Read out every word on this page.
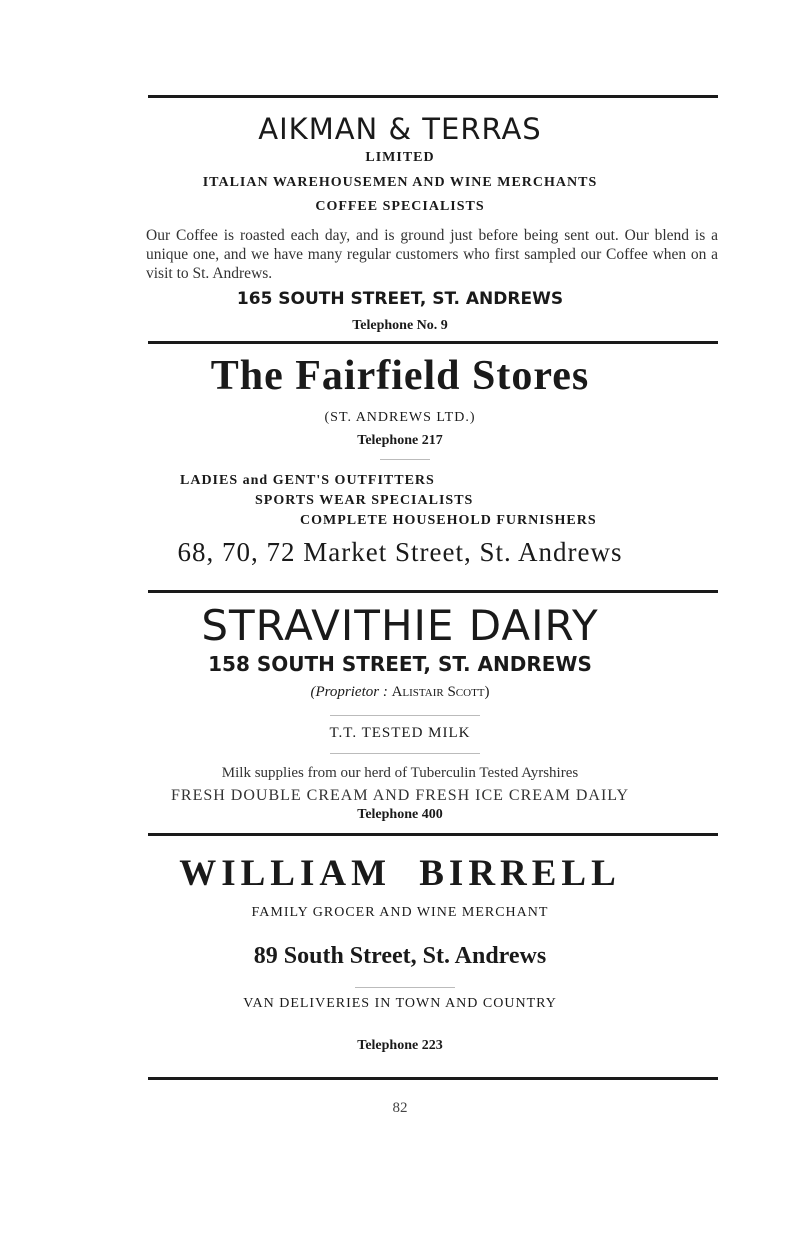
AIKMAN & TERRAS
LIMITED
ITALIAN WAREHOUSEMEN AND WINE MERCHANTS
COFFEE SPECIALISTS
Our Coffee is roasted each day, and is ground just before being sent out. Our blend is a unique one, and we have many regular customers who first sampled our Coffee when on a visit to St. Andrews.
165 SOUTH STREET, ST. ANDREWS
Telephone No. 9
The Fairfield Stores
(ST. ANDREWS LTD.)
Telephone 217
LADIES and GENT'S OUTFITTERS
SPORTS WEAR SPECIALISTS
COMPLETE HOUSEHOLD FURNISHERS
68, 70, 72 Market Street, St. Andrews
STRAVITHIE DAIRY
158 SOUTH STREET, ST. ANDREWS
(Proprietor : Alistair Scott)
T.T. TESTED MILK
Milk supplies from our herd of Tuberculin Tested Ayrshires
FRESH DOUBLE CREAM AND FRESH ICE CREAM DAILY
Telephone 400
WILLIAM BIRRELL
FAMILY GROCER AND WINE MERCHANT
89 South Street, St. Andrews
VAN DELIVERIES IN TOWN AND COUNTRY
Telephone 223
82
